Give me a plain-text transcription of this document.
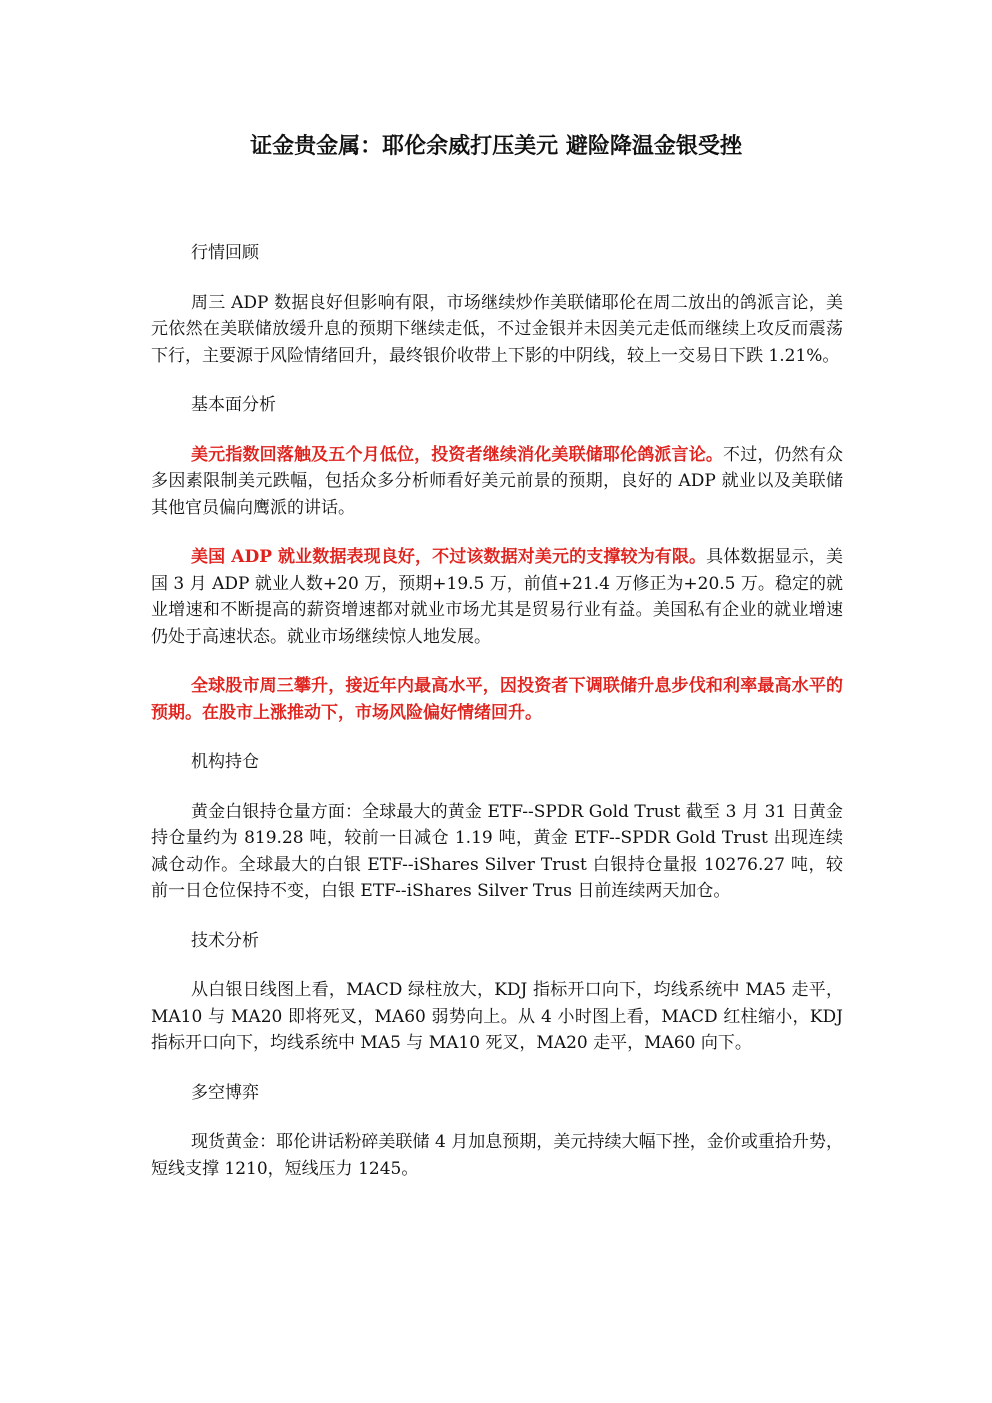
证金贵金属：耶伦余威打压美元 避险降温金银受挫

行情回顾

周三 ADP 数据良好但影响有限，市场继续炒作美联储耶伦在周二放出的鸽派言论，美元依然在美联储放缓升息的预期下继续走低，不过金银并未因美元走低而继续上攻反而震荡下行，主要源于风险情绪回升，最终银价收带上下影的中阴线，较上一交易日下跌 1.21%。

基本面分析

美元指数回落触及五个月低位，投资者继续消化美联储耶伦鸽派言论。不过，仍然有众多因素限制美元跌幅，包括众多分析师看好美元前景的预期，良好的 ADP 就业以及美联储其他官员偏向鹰派的讲话。

美国 ADP 就业数据表现良好，不过该数据对美元的支撑较为有限。具体数据显示，美国 3 月 ADP 就业人数+20 万，预期+19.5 万，前值+21.4 万修正为+20.5 万。稳定的就业增速和不断提高的薪资增速都对就业市场尤其是贸易行业有益。美国私有企业的就业增速仍处于高速状态。就业市场继续惊人地发展。

全球股市周三攀升，接近年内最高水平，因投资者下调联储升息步伐和利率最高水平的预期。在股市上涨推动下，市场风险偏好情绪回升。

机构持仓

黄金白银持仓量方面：全球最大的黄金 ETF--SPDR Gold Trust 截至 3 月 31 日黄金持仓量约为 819.28 吨，较前一日减仓 1.19 吨，黄金 ETF--SPDR Gold Trust 出现连续减仓动作。全球最大的白银 ETF--iShares Silver Trust 白银持仓量报 10276.27 吨，较前一日仓位保持不变，白银 ETF--iShares Silver Trus 日前连续两天加仓。

技术分析

从白银日线图上看，MACD 绿柱放大，KDJ 指标开口向下，均线系统中 MA5 走平，MA10 与 MA20 即将死叉，MA60 弱势向上。从 4 小时图上看，MACD 红柱缩小，KDJ 指标开口向下，均线系统中 MA5 与 MA10 死叉，MA20 走平，MA60 向下。

多空博弈

现货黄金：耶伦讲话粉碎美联储 4 月加息预期，美元持续大幅下挫，金价或重拾升势，短线支撑 1210，短线压力 1245。
